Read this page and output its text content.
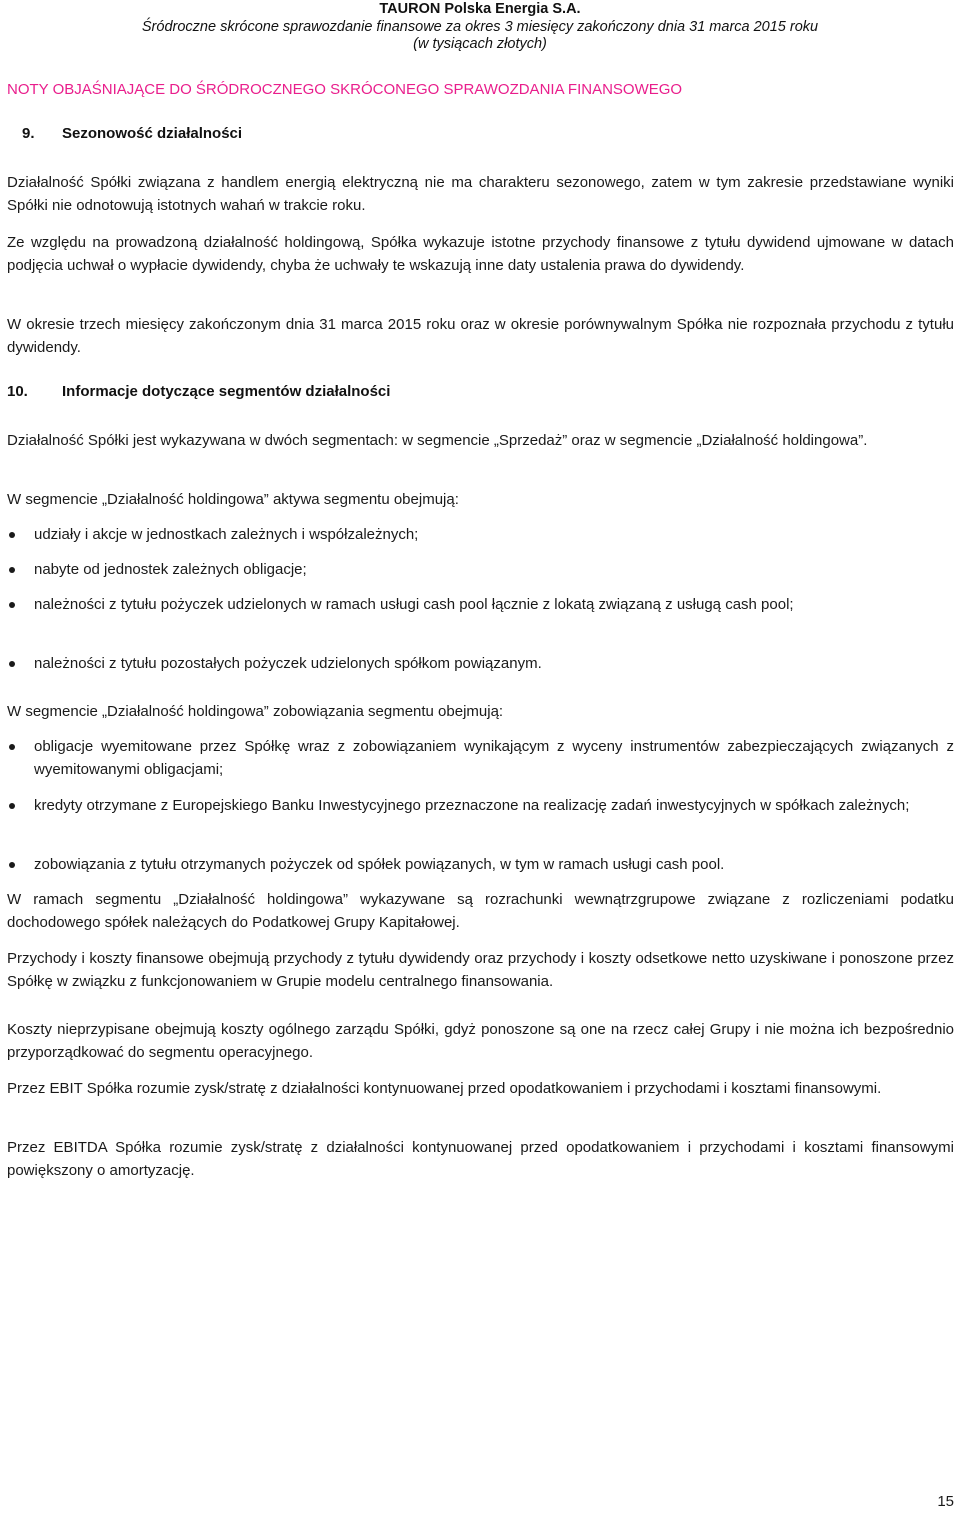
TAURON Polska Energia S.A.
Śródroczne skrócone sprawozdanie finansowe za okres 3 miesięcy zakończony dnia 31 marca 2015 roku
(w tysiącach złotych)
NOTY OBJAŚNIAJĄCE DO ŚRÓDROCZNEGO SKRÓCONEGO SPRAWOZDANIA FINANSOWEGO
9. Sezonowość działalności
Działalność Spółki związana z handlem energią elektryczną nie ma charakteru sezonowego, zatem w tym zakresie przedstawiane wyniki Spółki nie odnotowują istotnych wahań w trakcie roku.
Ze względu na prowadzoną działalność holdingową, Spółka wykazuje istotne przychody finansowe z tytułu dywidend ujmowane w datach podjęcia uchwał o wypłacie dywidendy, chyba że uchwały te wskazują inne daty ustalenia prawa do dywidendy.
W okresie trzech miesięcy zakończonym dnia 31 marca 2015 roku oraz w okresie porównywalnym Spółka nie rozpoznała przychodu z tytułu dywidendy.
10. Informacje dotyczące segmentów działalności
Działalność Spółki jest wykazywana w dwóch segmentach: w segmencie „Sprzedaż” oraz w segmencie „Działalność holdingowa”.
W segmencie „Działalność holdingowa” aktywa segmentu obejmują:
udziały i akcje w jednostkach zależnych i współzależnych;
nabyte od jednostek zależnych obligacje;
należności z tytułu pożyczek udzielonych w ramach usługi cash pool łącznie z lokatą związaną z usługą cash pool;
należności z tytułu pozostałych pożyczek udzielonych spółkom powiązanym.
W segmencie „Działalność holdingowa” zobowiązania segmentu obejmują:
obligacje wyemitowane przez Spółkę wraz z zobowiązaniem wynikającym z wyceny instrumentów zabezpieczających związanych z wyemitowanymi obligacjami;
kredyty otrzymane z Europejskiego Banku Inwestycyjnego przeznaczone na realizację zadań inwestycyjnych w spółkach zależnych;
zobowiązania z tytułu otrzymanych pożyczek od spółek powiązanych, w tym w ramach usługi cash pool.
W ramach segmentu „Działalność holdingowa” wykazywane są rozrachunki wewnątrzgrupowe związane z rozliczeniami podatku dochodowego spółek należących do Podatkowej Grupy Kapitałowej.
Przychody i koszty finansowe obejmują przychody z tytułu dywidendy oraz przychody i koszty odsetkowe netto uzyskiwane i ponoszone przez Spółkę w związku z funkcjonowaniem w Grupie modelu centralnego finansowania.
Koszty nieprzypisane obejmują koszty ogólnego zarządu Spółki, gdyż ponoszone są one na rzecz całej Grupy i nie można ich bezpośrednio przyporządkować do segmentu operacyjnego.
Przez EBIT Spółka rozumie zysk/stratę z działalności kontynuowanej przed opodatkowaniem i przychodami i kosztami finansowymi.
Przez EBITDA Spółka rozumie zysk/stratę z działalności kontynuowanej przed opodatkowaniem i przychodami i kosztami finansowymi powiększony o amortyzację.
15
